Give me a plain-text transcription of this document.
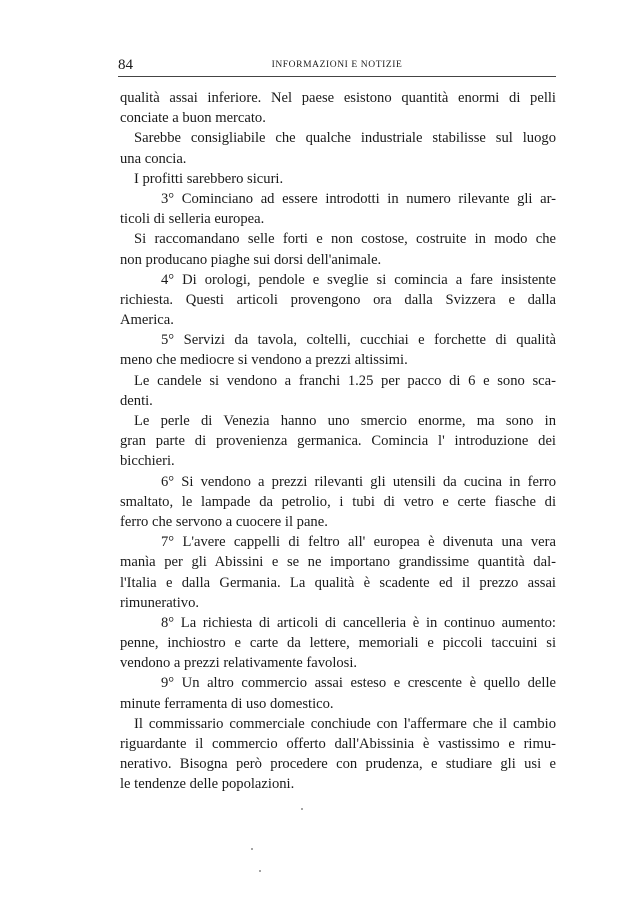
84	INFORMAZIONI E NOTIZIE
qualità assai inferiore. Nel paese esistono quantità enormi di pelli
conciate a buon mercato.
Sarebbe consigliabile che qualche industriale stabilisse sul luogo
una concia.
I profitti sarebbero sicuri.
3° Cominciano ad essere introdotti in numero rilevante gli ar-
ticoli di selleria europea.
Si raccomandano selle forti e non costose, costruite in modo che
non producano piaghe sui dorsi dell'animale.
4° Di orologi, pendole e sveglie si comincia a fare insistente
richiesta. Questi articoli provengono ora dalla Svizzera e dalla
America.
5° Servizi da tavola, coltelli, cucchiai e forchette di qualità
meno che mediocre si vendono a prezzi altissimi.
Le candele si vendono a franchi 1.25 per pacco di 6 e sono sca-
denti.
Le perle di Venezia hanno uno smercio enorme, ma sono in
gran parte di provenienza germanica. Comincia l' introduzione dei
bicchieri.
6° Si vendono a prezzi rilevanti gli utensili da cucina in ferro
smaltato, le lampade da petrolio, i tubi di vetro e certe fiasche di
ferro che servono a cuocere il pane.
7° L'avere cappelli di feltro all' europea è divenuta una vera
manìa per gli Abissini e se ne importano grandissime quantità dal-
l'Italia e dalla Germania. La qualità è scadente ed il prezzo assai
rimunerativo.
8° La richiesta di articoli di cancelleria è in continuo aumento:
penne, inchiostro e carte da lettere, memoriali e piccoli taccuini si
vendono a prezzi relativamente favolosi.
9° Un altro commercio assai esteso e crescente è quello delle
minute ferramenta di uso domestico.
Il commissario commerciale conchiude con l'affermare che il cambio
riguardante il commercio offerto dall'Abissinia è vastissimo e rimu-
nerativo. Bisogna però procedere con prudenza, e studiare gli usi e
le tendenze delle popolazioni.
